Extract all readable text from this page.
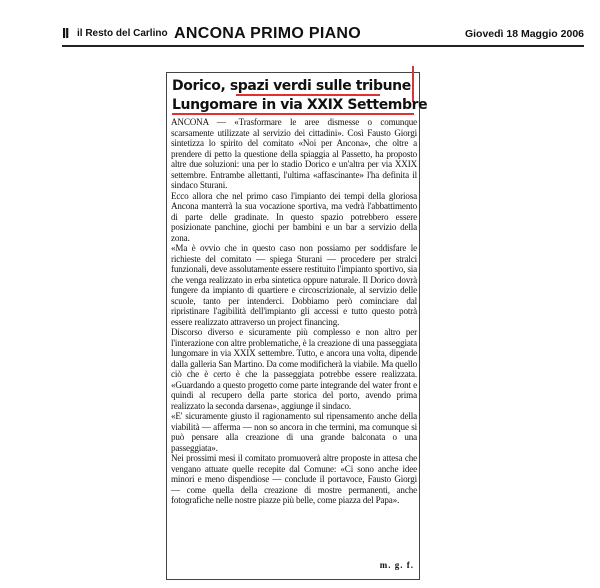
II il Resto del Carlino ANCONA PRIMO PIANO	Giovedì 18 Maggio 2006
Dorico, spazi verdi sulle tribune
Lungomare in via XXIX Settembre

ANCONA — «Trasformare le aree dismesse o comunque scarsamente utilizzate al servizio dei cittadini». Così Fausto Giorgi sintetizza lo spirito del comitato «Noi per Ancona», che oltre a prendere di petto la questione della spiaggia al Passetto, ha proposto altre due soluzioni: una per lo stadio Dorico e un'altra per via XXIX settembre. Entrambe allettanti, l'ultima «affascinante» l'ha definita il sindaco Sturani.

Ecco allora che nel primo caso l'impianto dei tempi della gloriosa Ancona manterrà la sua vocazione sportiva, ma vedrà l'abbattimento di parte delle gradinate. In questo spazio potrebbero essere posizionate panchine, giochi per bambini e un bar a servizio della zona.

«Ma è ovvio che in questo caso non possiamo per soddisfare le richieste del comitato — spiega Sturani — procedere per stralci funzionali, deve assolutamente essere restituito l'impianto sportivo, sia che venga realizzato in erba sintetica oppure naturale. Il Dorico dovrà fungere da impianto di quartiere e circoscrizionale, al servizio delle scuole, tanto per intenderci. Dobbiamo però cominciare dal ripristinare l'agibilità dell'impianto gli accessi e tutto questo potrà essere realizzato attraverso un project financing.

Discorso diverso e sicuramente più complesso e non altro per l'interazione con altre problematiche, è la creazione di una passeggiata lungomare in via XXIX settembre. Tutto, e ancora una volta, dipende dalla galleria San Martino. Da come modificherà la viabile. Ma quello ciò che è certo è che la passeggiata potrebbe essere realizzata. «Guardando a questo progetto come parte integrande del water front e quindi al recupero della parte storica del porto, avendo prima realizzato la seconda darsena», aggiunge il sindaco.

«E' sicuramente giusto il ragionamento sul ripensamento anche della viabilità — afferma — non so ancora in che termini, ma comunque si può pensare alla creazione di una grande balconata o una passeggiata».

Nei prossimi mesi il comitato promuoverà altre proposte in attesa che vengano attuate quelle recepite dal Comune: «Ci sono anche idee minori e meno dispendiose — conclude il portavoce, Fausto Giorgi — come quella della creazione di mostre permanenti, anche fotografiche nelle nostre piazze più belle, come piazza del Papa».

m. g. f.
